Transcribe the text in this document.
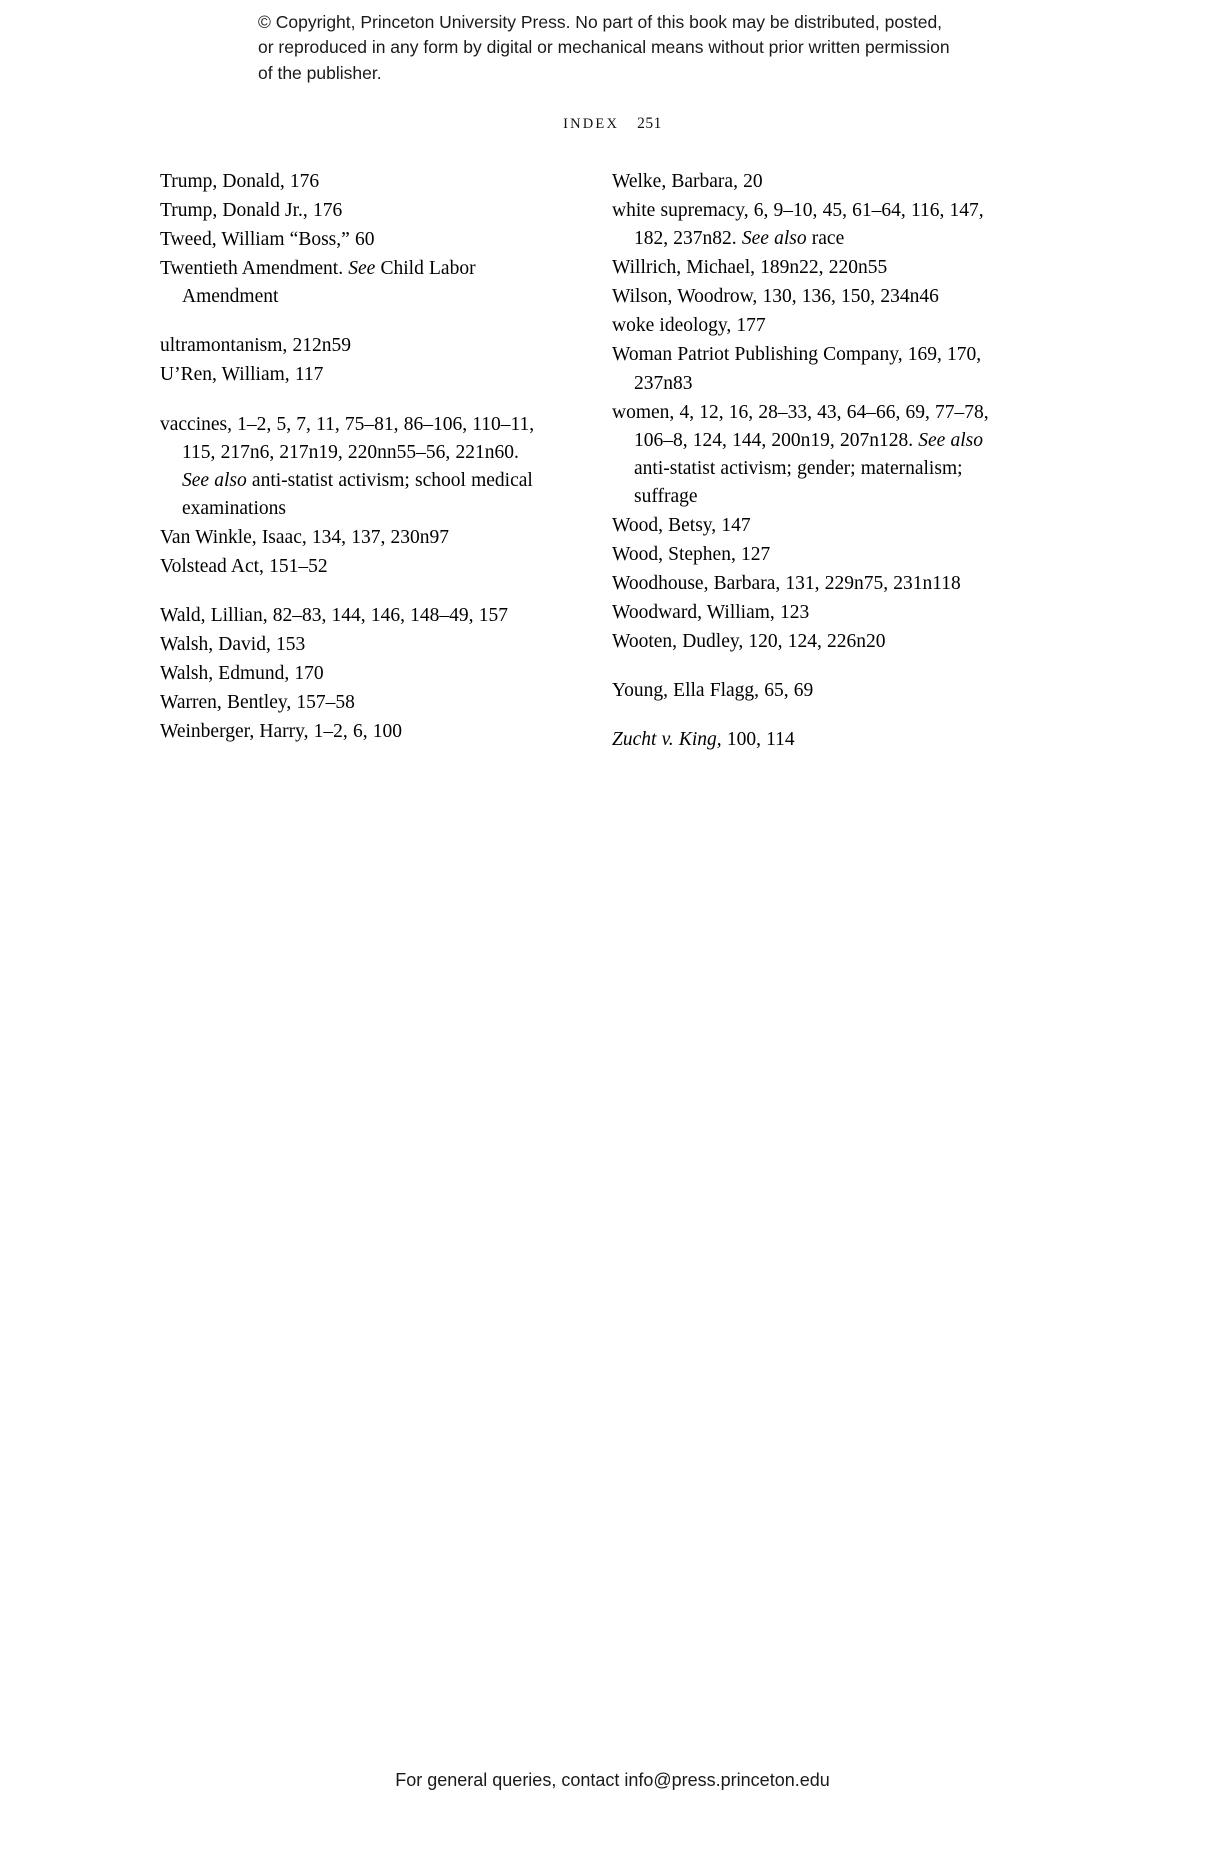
© Copyright, Princeton University Press. No part of this book may be distributed, posted, or reproduced in any form by digital or mechanical means without prior written permission of the publisher.
INDEX 251

Trump, Donald, 176

Trump, Donald Jr., 176

Tweed, William “Boss,” 60

Twentieth Amendment. See Child Labor Amendment

ultramontanism, 212n59

U’Ren, William, 117

vaccines, 1–2, 5, 7, 11, 75–81, 86–106, 110–11, 115, 217n6, 217n19, 220nn55–56, 221n60. See also anti-statist activism; school medical examinations

Van Winkle, Isaac, 134, 137, 230n97

Volstead Act, 151–52

Wald, Lillian, 82–83, 144, 146, 148–49, 157

Walsh, David, 153

Walsh, Edmund, 170

Warren, Bentley, 157–58

Weinberger, Harry, 1–2, 6, 100

Welke, Barbara, 20

white supremacy, 6, 9–10, 45, 61–64, 116, 147, 182, 237n82. See also race

Willrich, Michael, 189n22, 220n55

Wilson, Woodrow, 130, 136, 150, 234n46

woke ideology, 177

Woman Patriot Publishing Company, 169, 170, 237n83

women, 4, 12, 16, 28–33, 43, 64–66, 69, 77–78, 106–8, 124, 144, 200n19, 207n128. See also anti-statist activism; gender; maternalism; suffrage

Wood, Betsy, 147

Wood, Stephen, 127

Woodhouse, Barbara, 131, 229n75, 231n118

Woodward, William, 123

Wooten, Dudley, 120, 124, 226n20

Young, Ella Flagg, 65, 69

Zucht v. King, 100, 114

For general queries, contact info@press.princeton.edu
